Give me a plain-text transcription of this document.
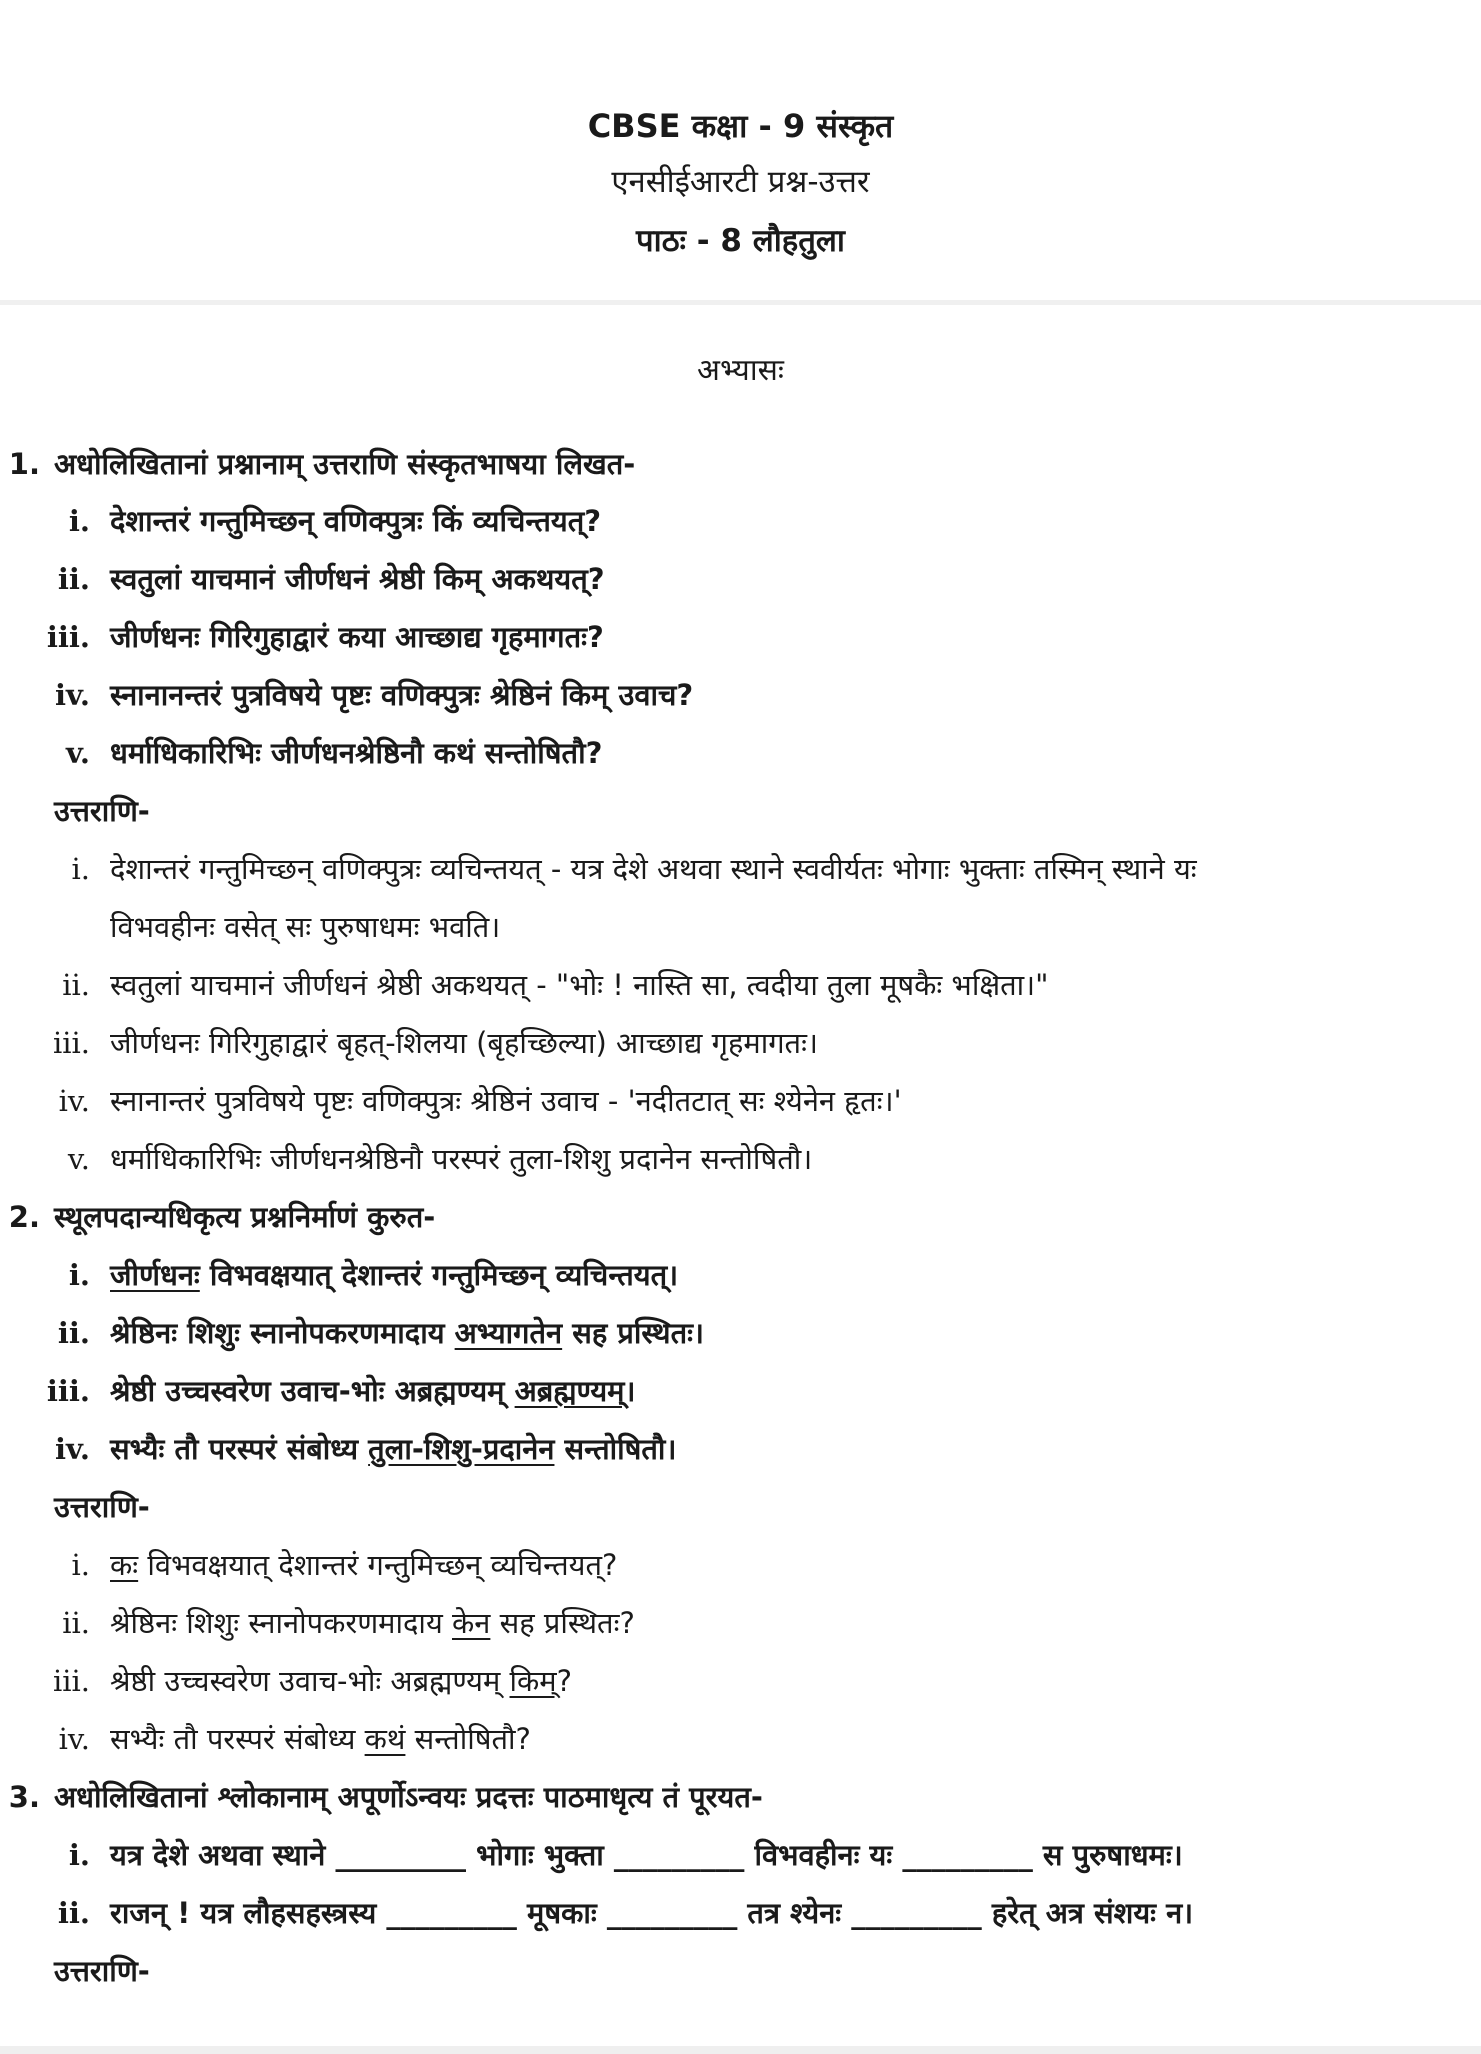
CBSE कक्षा - 9 संस्कृत
एनसीईआरटी प्रश्न-उत्तर
पाठः - 8 लौहतुला
अभ्यासः
1. अधोलिखितानां प्रश्नानाम् उत्तराणि संस्कृतभाषया लिखत-
i. देशान्तरं गन्तुमिच्छन् वणिक्पुत्रः किं व्यचिन्तयत्?
ii. स्वतुलां याचमानं जीर्णधनं श्रेष्ठी किम् अकथयत्?
iii. जीर्णधनः गिरिगुहाद्वारं कया आच्छाद्य गृहमागतः?
iv. स्नानानन्तरं पुत्रविषये पृष्टः वणिक्पुत्रः श्रेष्ठिनं किम् उवाच?
v. धर्माधिकारिभिः जीर्णधनश्रेष्ठिनौ कथं सन्तोषितौ?
उत्तराणि-
i. देशान्तरं गन्तुमिच्छन् वणिक्पुत्रः व्यचिन्तयत् - यत्र देशे अथवा स्थाने स्ववीर्यतः भोगाः भुक्ताः तस्मिन् स्थाने यः
विभवहीनः वसेत् सः पुरुषाधमः भवति।
ii. स्वतुलां याचमानं जीर्णधनं श्रेष्ठी अकथयत् - "भोः ! नास्ति सा, त्वदीया तुला मूषकैः भक्षिता।"
iii. जीर्णधनः गिरिगुहाद्वारं बृहत्-शिलया (बृहच्छिल्या) आच्छाद्य गृहमागतः।
iv. स्नानान्तरं पुत्रविषये पृष्टः वणिक्पुत्रः श्रेष्ठिनं उवाच - 'नदीतटात् सः श्येनेन हृतः।'
v. धर्माधिकारिभिः जीर्णधनश्रेष्ठिनौ परस्परं तुला-शिशु प्रदानेन सन्तोषितौ।
2. स्थूलपदान्यधिकृत्य प्रश्ननिर्माणं कुरुत-
i. जीर्णधनः विभवक्षयात् देशान्तरं गन्तुमिच्छन् व्यचिन्तयत्।
ii. श्रेष्ठिनः शिशुः स्नानोपकरणमादाय अभ्यागतेन सह प्रस्थितः।
iii. श्रेष्ठी उच्चस्वरेण उवाच-भोः अब्रह्मण्यम् अब्रह्मण्यम्।
iv. सभ्यैः तौ परस्परं संबोध्य तुला-शिशु-प्रदानेन सन्तोषितौ।
उत्तराणि-
i. कः विभवक्षयात् देशान्तरं गन्तुमिच्छन् व्यचिन्तयत्?
ii. श्रेष्ठिनः शिशुः स्नानोपकरणमादाय केन सह प्रस्थितः?
iii. श्रेष्ठी उच्चस्वरेण उवाच-भोः अब्रह्मण्यम् किम्?
iv. सभ्यैः तौ परस्परं संबोध्य कथं सन्तोषितौ?
3. अधोलिखितानां श्लोकानाम् अपूर्णोऽन्वयः प्रदत्तः पाठमाधृत्य तं पूरयत-
i. यत्र देशे अथवा स्थाने _________ भोगाः भुक्ता _________ विभवहीनः यः _________ स पुरुषाधमः।
ii. राजन् ! यत्र लौहसहस्त्रस्य _________ मूषकाः _________ तत्र श्येनः _________ हरेत् अत्र संशयः न।
उत्तराणि-
